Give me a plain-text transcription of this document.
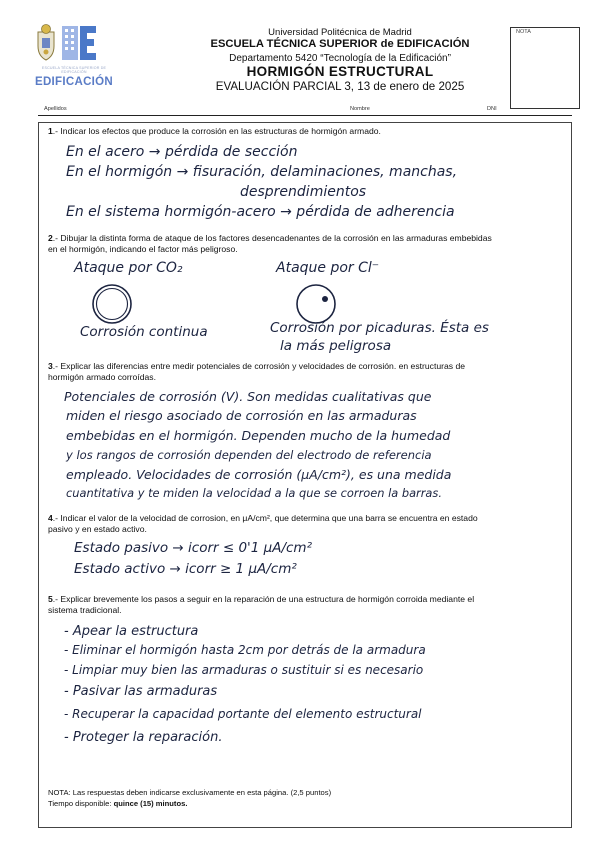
ESCUELA TÉCNICA SUPERIOR DE EDIFICACIÓN
EDIFICACIÓN
Universidad Politécnica de Madrid
ESCUELA TÉCNICA SUPERIOR de EDIFICACIÓN
Departamento 5420 “Tecnología de la Edificación”
HORMIGÓN ESTRUCTURAL
EVALUACIÓN PARCIAL 3, 13 de enero de 2025
NOTA
Apellidos	Nombre	DNI
1.- Indicar los efectos que produce la corrosión en las estructuras de hormigón armado.
En el acero → pérdida de sección
En el hormigón → fisuración, delaminaciones, manchas,
desprendimientos
En el sistema hormigón-acero → pérdida de adherencia
2.- Dibujar la distinta forma de ataque de los factores desencadenantes de la corrosión en las armaduras embebidas
en el hormigón, indicando el factor más peligroso.
Ataque por CO₂	Ataque por Cl⁻
Corrosión continua	Corrosión por picaduras. Ésta es
la más peligrosa
3.- Explicar las diferencias entre medir potenciales de corrosión y velocidades de corrosión. en estructuras de
hormigón armado corroídas.
Potenciales de corrosión (V). Son medidas cualitativas que
miden el riesgo asociado de corrosión en las armaduras
embebidas en el hormigón. Dependen mucho de la humedad
y los rangos de corrosión dependen del electrodo de referencia
empleado. Velocidades de corrosión (μA/cm²), es una medida
cuantitativa y te miden la velocidad a la que se corroen la barras.
4.- Indicar el valor de la velocidad de corrosion, en μA/cm², que determina que una barra se encuentra en estado
pasivo y en estado activo.
Estado pasivo → icorr ≤ 0'1 μA/cm²
Estado activo → icorr ≥ 1 μA/cm²
5.- Explicar brevemente los pasos a seguir en la reparación de una estructura de hormigón corroida mediante el
sistema tradicional.
- Apear la estructura
- Eliminar el hormigón hasta 2cm por detrás de la armadura
- Limpiar muy bien las armaduras o sustituir si es necesario
- Pasivar las armaduras
- Recuperar la capacidad portante del elemento estructural
- Proteger la reparación.
NOTA: Las respuestas deben indicarse exclusivamente en esta página. (2,5 puntos)
Tiempo disponible: quince (15) minutos.
